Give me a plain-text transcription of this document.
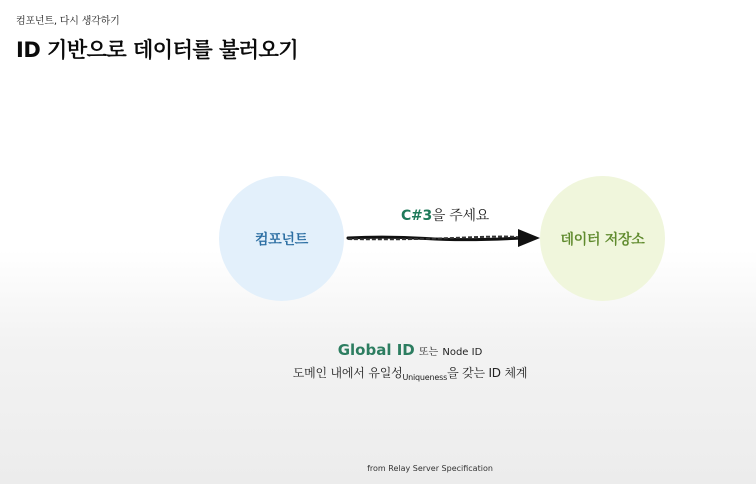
컴포넌트, 다시 생각하기
ID 기반으로 데이터를 불러오기
컴포넌트
C#3을 주세요
데이터 저장소
Global ID 또는 Node ID
도메인 내에서 유일성$_{Uniqueness}$을 갖는 ID 체계
from Relay Server Specification
